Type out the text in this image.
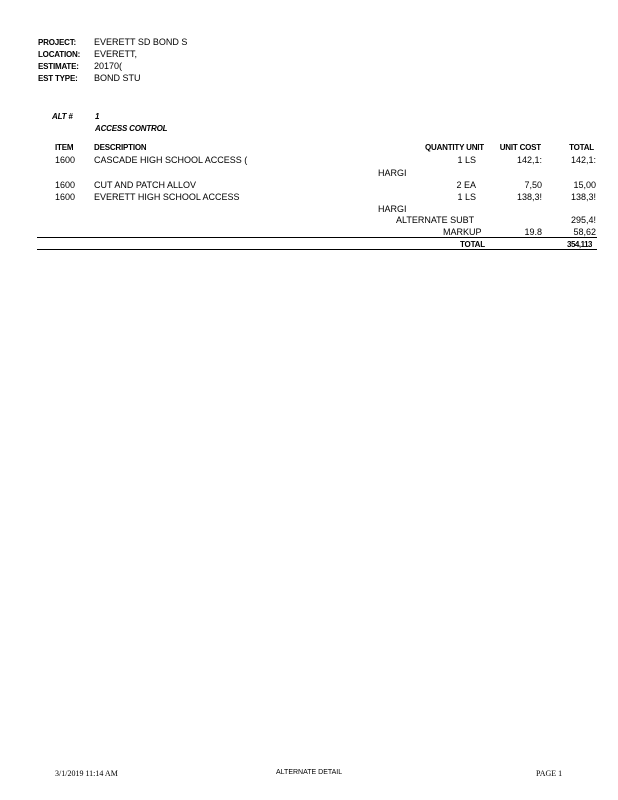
PROJECT: EVERETT SD BOND S
LOCATION: EVERETT,
ESTIMATE: 20170(
EST TYPE: BOND STU
ALT #	1
ACCESS CONTROL
ITEM	DESCRIPTION	QUANTITY UNIT	UNIT COST	TOTAL
1600 CASCADE HIGH SCHOOL ACCESS (	1 LS	142,1:	142,1:
HARGI
1600 CUT AND PATCH ALLOV	2 EA	7,50	15,00
1600 EVERETT HIGH SCHOOL ACCESS	1 LS	138,3!	138,3!
HARGI
ALTERNATE SUBT	295,4!
MARKUP	19.8	58,62
TOTAL	354,113
3/1/2019 11:14 AM	ALTERNATE DETAIL	PAGE 1
